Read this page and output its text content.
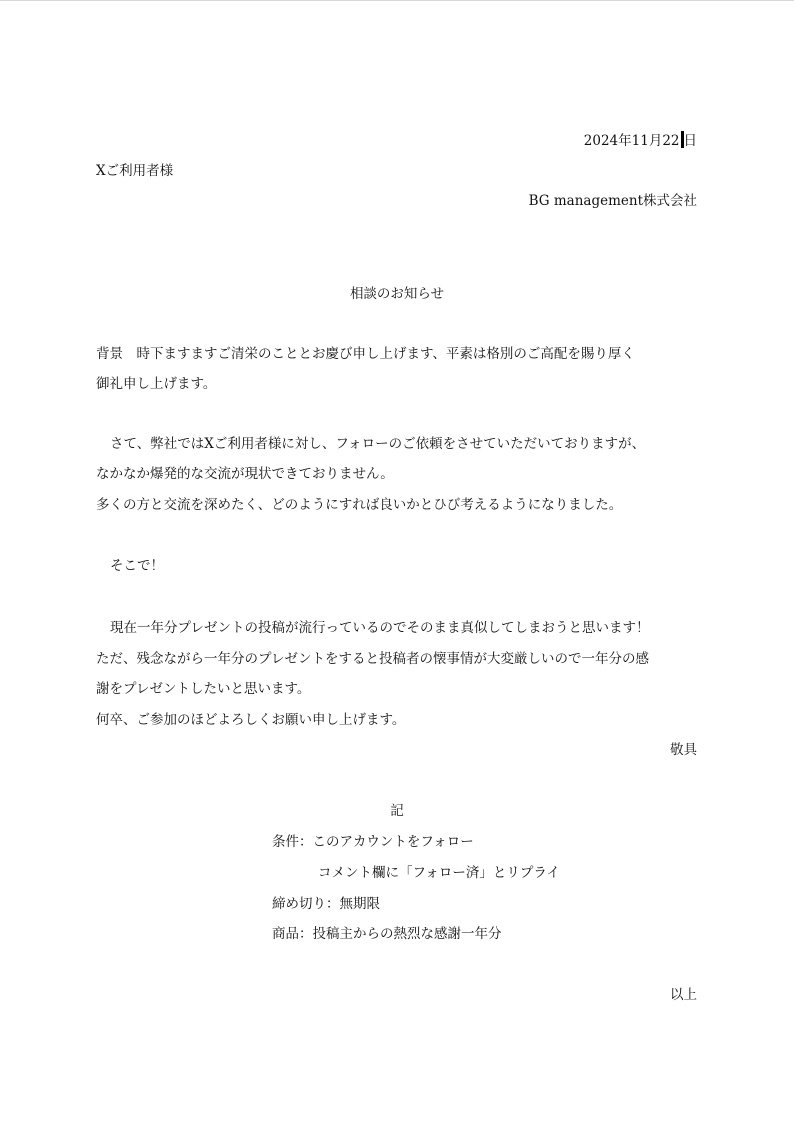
2024年11月22 日
Xご利用者様
BG management株式会社
相談のお知らせ
背景　時下ますますご清栄のこととお慶び申し上げます、平素は格別のご高配を賜り厚く
御礼申し上げます。
さて、弊社ではXご利用者様に対し、フォローのご依頼をさせていただいておりますが、
なかなか爆発的な交流が現状できておりません。
多くの方と交流を深めたく、どのようにすれば良いかとひび考えるようになりました。
そこで！
現在一年分プレゼントの投稿が流行っているのでそのまま真似してしまおうと思います！
ただ、残念ながら一年分のプレゼントをすると投稿者の懐事情が大変厳しいので一年分の感
謝をプレゼントしたいと思います。
何卒、ご参加のほどよろしくお願い申し上げます。
敬具
記
条件：このアカウントをフォロー
コメント欄に「フォロー済」とリプライ
締め切り：無期限
商品：投稿主からの熱烈な感謝一年分
以上
